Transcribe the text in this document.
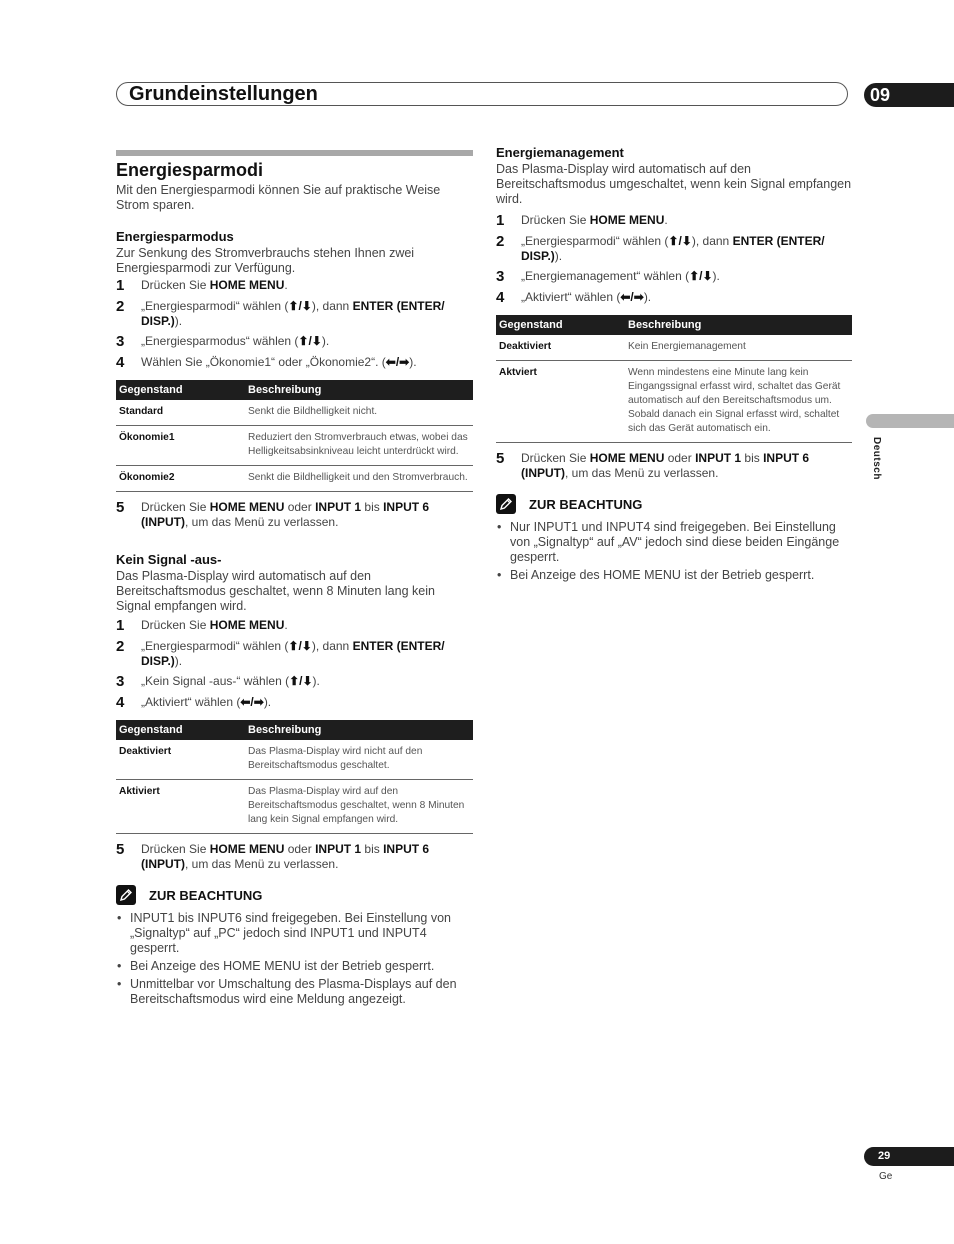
Grundeinstellungen	09
Deutsch
29
Ge
Energiesparmodi

Mit den Energiesparmodi können Sie auf praktische Weise Strom sparen.

Energiesparmodus

Zur Senkung des Stromverbrauchs stehen Ihnen zwei Energiesparmodi zur Verfügung.

1	Drücken Sie HOME MENU.
2	„Energiesparmodi“ wählen (⬆/⬇), dann ENTER (ENTER/ DISP.)).
3	„Energiesparmodus“ wählen (⬆/⬇).
4	Wählen Sie „Ökonomie1“ oder „Ökonomie2“. (⬅/➡).
Gegenstand	Beschreibung
Standard	Senkt die Bildhelligkeit nicht.
Ökonomie1	Reduziert den Stromverbrauch etwas, wobei das Helligkeitsabsinkniveau leicht unterdrückt wird.
Ökonomie2	Senkt die Bildhelligkeit und den Stromverbrauch.
5	Drücken Sie HOME MENU oder INPUT 1 bis INPUT 6 (INPUT), um das Menü zu verlassen.
Kein Signal -aus-

Das Plasma-Display wird automatisch auf den Bereitschaftsmodus geschaltet, wenn 8 Minuten lang kein Signal empfangen wird.

1	Drücken Sie HOME MENU.
2	„Energiesparmodi“ wählen (⬆/⬇), dann ENTER (ENTER/ DISP.)).
3	„Kein Signal -aus-“ wählen (⬆/⬇).
4	„Aktiviert“ wählen (⬅/➡).
Gegenstand	Beschreibung
Deaktiviert	Das Plasma-Display wird nicht auf den Bereitschaftsmodus geschaltet.
Aktiviert	Das Plasma-Display wird auf den Bereitschaftsmodus geschaltet, wenn 8 Minuten lang kein Signal empfangen wird.
5	Drücken Sie HOME MENU oder INPUT 1 bis INPUT 6 (INPUT), um das Menü zu verlassen.
ZUR BEACHTUNG
• INPUT1 bis INPUT6 sind freigegeben. Bei Einstellung von „Signaltyp“ auf „PC“ jedoch sind INPUT1 und INPUT4 gesperrt.
• Bei Anzeige des HOME MENU ist der Betrieb gesperrt.
• Unmittelbar vor Umschaltung des Plasma-Displays auf den Bereitschaftsmodus wird eine Meldung angezeigt.
Energiemanagement

Das Plasma-Display wird automatisch auf den Bereitschaftsmodus umgeschaltet, wenn kein Signal empfangen wird.

1	Drücken Sie HOME MENU.
2	„Energiesparmodi“ wählen (⬆/⬇), dann ENTER (ENTER/ DISP.)).
3	„Energiemanagement“ wählen (⬆/⬇).
4	„Aktiviert“ wählen (⬅/➡).
Gegenstand	Beschreibung
Deaktiviert	Kein Energiemanagement
Aktviert	Wenn mindestens eine Minute lang kein Eingangssignal erfasst wird, schaltet das Gerät automatisch auf den Bereitschaftsmodus um. Sobald danach ein Signal erfasst wird, schaltet sich das Gerät automatisch ein.
5	Drücken Sie HOME MENU oder INPUT 1 bis INPUT 6 (INPUT), um das Menü zu verlassen.
ZUR BEACHTUNG
• Nur INPUT1 und INPUT4 sind freigegeben. Bei Einstellung von „Signaltyp“ auf „AV“ jedoch sind diese beiden Eingänge gesperrt.
• Bei Anzeige des HOME MENU ist der Betrieb gesperrt.
